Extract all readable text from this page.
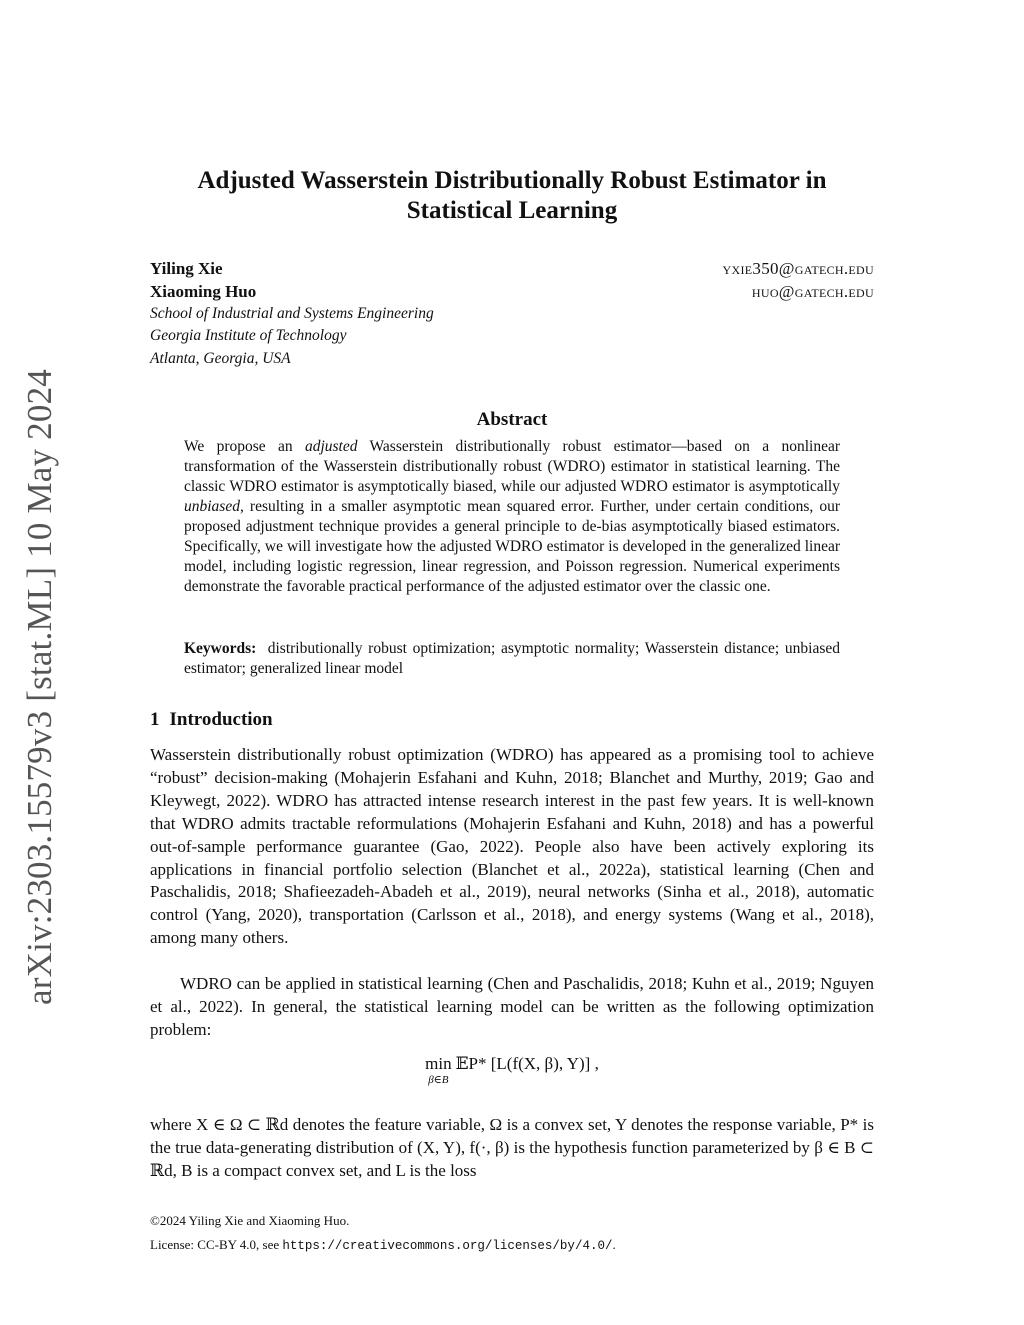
arXiv:2303.15579v3 [stat.ML] 10 May 2024
Adjusted Wasserstein Distributionally Robust Estimator in Statistical Learning
Yiling Xie	yxie350@gatech.edu
Xiaoming Huo	huo@gatech.edu
School of Industrial and Systems Engineering
Georgia Institute of Technology
Atlanta, Georgia, USA
Abstract

We propose an adjusted Wasserstein distributionally robust estimator—based on a nonlinear transformation of the Wasserstein distributionally robust (WDRO) estimator in statistical learning. The classic WDRO estimator is asymptotically biased, while our adjusted WDRO estimator is asymptotically unbiased, resulting in a smaller asymptotic mean squared error. Further, under certain conditions, our proposed adjustment technique provides a general principle to de-bias asymptotically biased estimators. Specifically, we will investigate how the adjusted WDRO estimator is developed in the generalized linear model, including logistic regression, linear regression, and Poisson regression. Numerical experiments demonstrate the favorable practical performance of the adjusted estimator over the classic one.

Keywords: distributionally robust optimization; asymptotic normality; Wasserstein distance; unbiased estimator; generalized linear model

1 Introduction

Wasserstein distributionally robust optimization (WDRO) has appeared as a promising tool to achieve “robust” decision-making (Mohajerin Esfahani and Kuhn, 2018; Blanchet and Murthy, 2019; Gao and Kleywegt, 2022). WDRO has attracted intense research interest in the past few years. It is well-known that WDRO admits tractable reformulations (Mohajerin Esfahani and Kuhn, 2018) and has a powerful out-of-sample performance guarantee (Gao, 2022). People also have been actively exploring its applications in financial portfolio selection (Blanchet et al., 2022a), statistical learning (Chen and Paschalidis, 2018; Shafieezadeh-Abadeh et al., 2019), neural networks (Sinha et al., 2018), automatic control (Yang, 2020), transportation (Carlsson et al., 2018), and energy systems (Wang et al., 2018), among many others.

WDRO can be applied in statistical learning (Chen and Paschalidis, 2018; Kuhn et al., 2019; Nguyen et al., 2022). In general, the statistical learning model can be written as the following optimization problem:

min
β∈B
𝔼P* [L(f(X, β), Y)] ,

where X ∈ Ω ⊂ ℝd denotes the feature variable, Ω is a convex set, Y denotes the response variable, P* is the true data-generating distribution of (X, Y), f(·, β) is the hypothesis function parameterized by β ∈ B ⊂ ℝd, B is a compact convex set, and L is the loss

©2024 Yiling Xie and Xiaoming Huo.
License: CC-BY 4.0, see https://creativecommons.org/licenses/by/4.0/.
